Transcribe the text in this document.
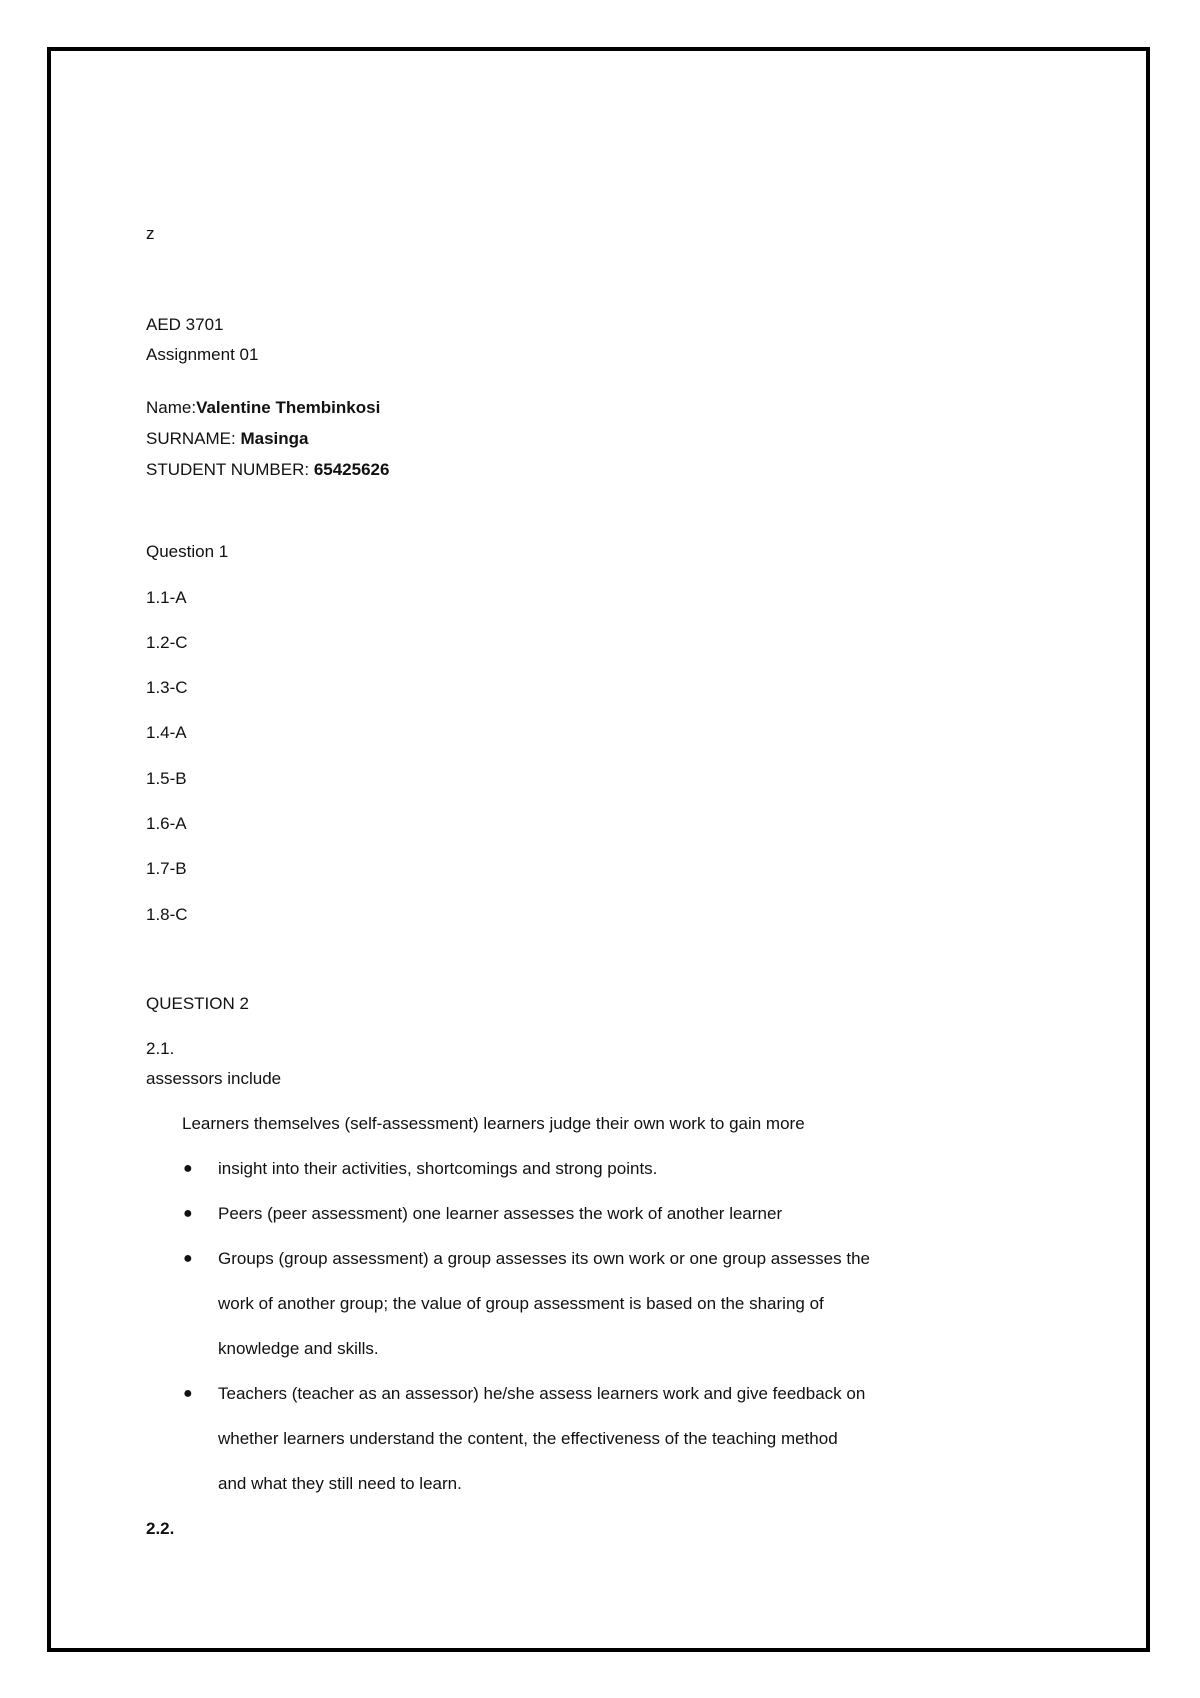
z
AED 3701
Assignment 01
Name:Valentine Thembinkosi
SURNAME: Masinga
STUDENT NUMBER: 65425626
Question 1
1.1-A
1.2-C
1.3-C
1.4-A
1.5-B
1.6-A
1.7-B
1.8-C
QUESTION 2
2.1.
assessors include
Learners themselves (self-assessment) learners judge their own work to gain more
● insight into their activities, shortcomings and strong points.
● Peers (peer assessment) one learner assesses the work of another learner
● Groups (group assessment) a group assesses its own work or one group assesses the
work of another group; the value of group assessment is based on the sharing of
knowledge and skills.
● Teachers (teacher as an assessor) he/she assess learners work and give feedback on
whether learners understand the content, the effectiveness of the teaching method
and what they still need to learn.
2.2.
